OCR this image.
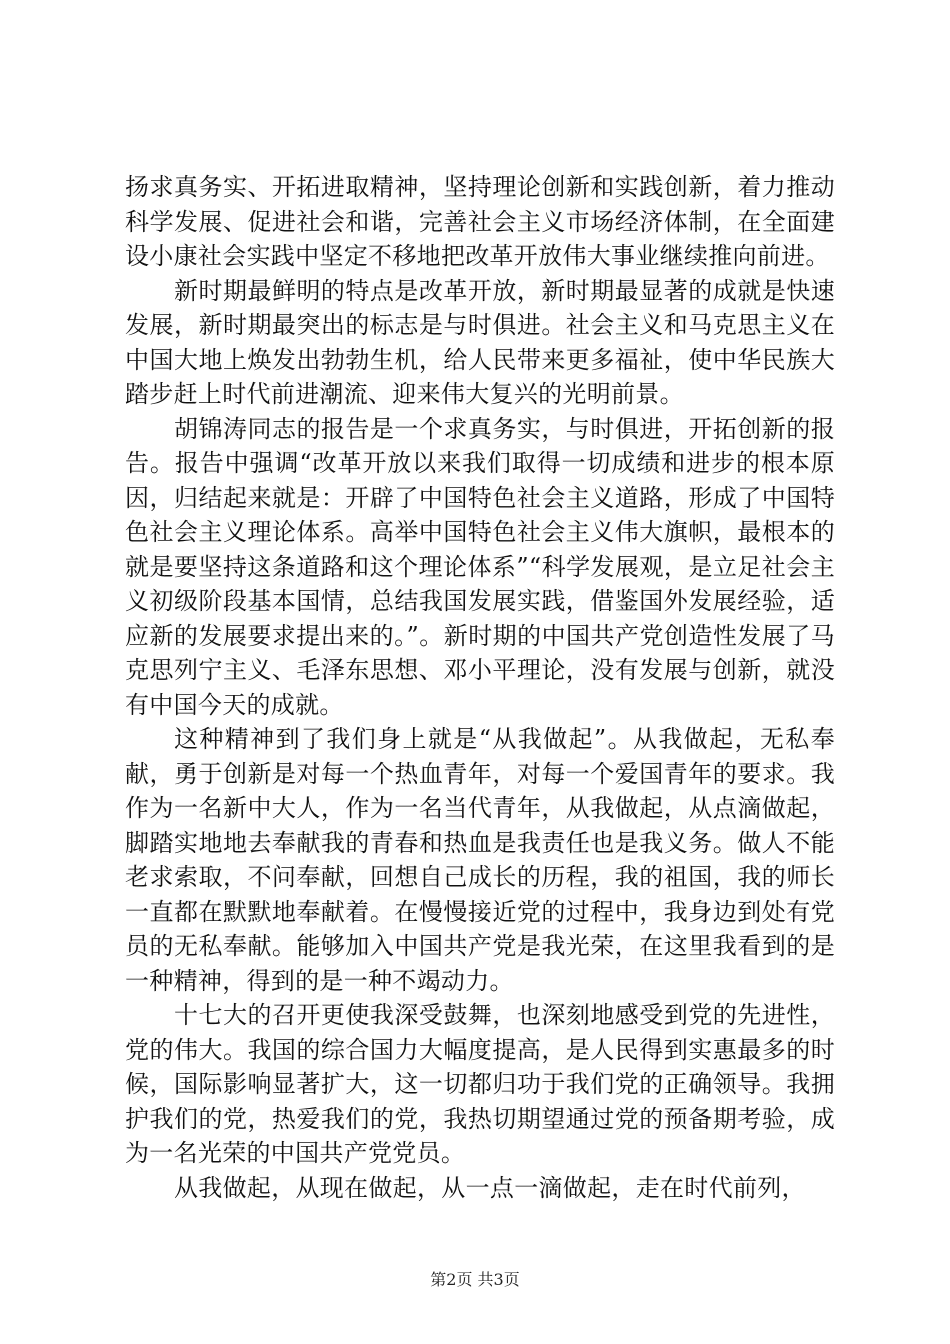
扬求真务实、开拓进取精神，坚持理论创新和实践创新，着力推动科学发展、促进社会和谐，完善社会主义市场经济体制，在全面建设小康社会实践中坚定不移地把改革开放伟大事业继续推向前进。

新时期最鲜明的特点是改革开放，新时期最显著的成就是快速发展，新时期最突出的标志是与时俱进。社会主义和马克思主义在中国大地上焕发出勃勃生机，给人民带来更多福祉，使中华民族大踏步赶上时代前进潮流、迎来伟大复兴的光明前景。

胡锦涛同志的报告是一个求真务实，与时俱进，开拓创新的报告。报告中强调“改革开放以来我们取得一切成绩和进步的根本原因，归结起来就是：开辟了中国特色社会主义道路，形成了中国特色社会主义理论体系。高举中国特色社会主义伟大旗帜，最根本的就是要坚持这条道路和这个理论体系”“科学发展观，是立足社会主义初级阶段基本国情，总结我国发展实践，借鉴国外发展经验，适应新的发展要求提出来的。”。新时期的中国共产党创造性发展了马克思列宁主义、毛泽东思想、邓小平理论，没有发展与创新，就没有中国今天的成就。

这种精神到了我们身上就是“从我做起”。从我做起，无私奉献，勇于创新是对每一个热血青年，对每一个爱国青年的要求。我作为一名新中大人，作为一名当代青年，从我做起，从点滴做起，脚踏实地地去奉献我的青春和热血是我责任也是我义务。做人不能老求索取，不问奉献，回想自己成长的历程，我的祖国，我的师长一直都在默默地奉献着。在慢慢接近党的过程中，我身边到处有党员的无私奉献。能够加入中国共产党是我光荣，在这里我看到的是一种精神，得到的是一种不竭动力。

十七大的召开更使我深受鼓舞，也深刻地感受到党的先进性，党的伟大。我国的综合国力大幅度提高，是人民得到实惠最多的时候，国际影响显著扩大，这一切都归功于我们党的正确领导。我拥护我们的党，热爱我们的党，我热切期望通过党的预备期考验，成为一名光荣的中国共产党党员。

从我做起，从现在做起，从一点一滴做起，走在时代前列，

第2页 共3页
